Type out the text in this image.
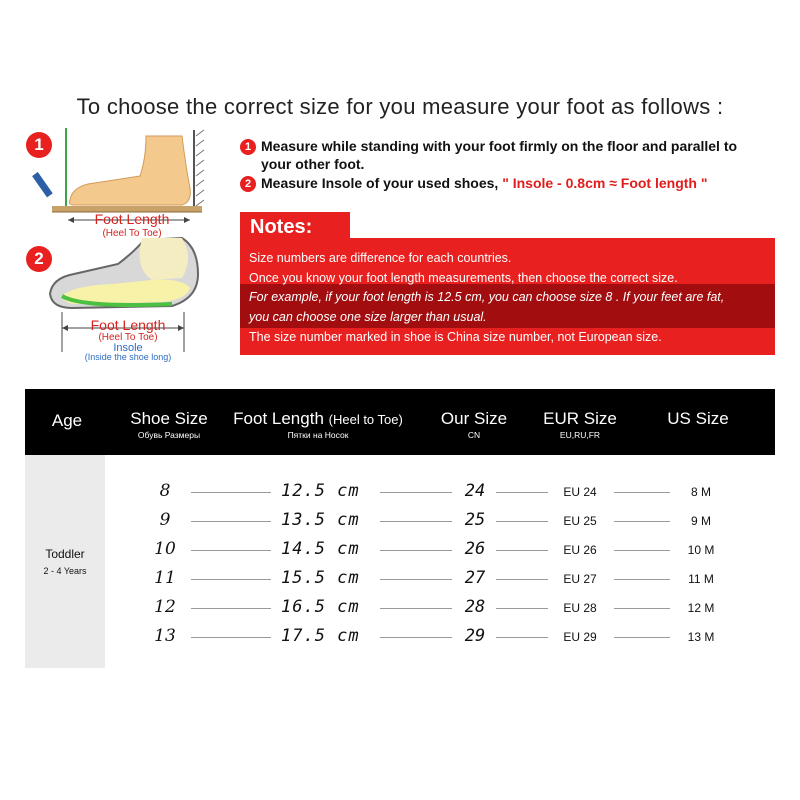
To choose the correct size for you measure your foot as follows :
1
Foot Length
(Heel To Toe)
2
Foot Length
(Heel To Toe)
Insole
(Inside the shoe long)
1 Measure while standing with your foot firmly on the floor and parallel to
your other foot.
2 Measure Insole of your used shoes, " Insole - 0.8cm ≈ Foot length "
Notes:
Size numbers are difference for each countries.
Once you know your foot length measurements, then choose the correct size.
For example, if your foot length is 12.5 cm, you can choose size 8 . If your feet are fat,
you can choose one size larger than usual.
The size number marked in shoe is China size number, not European size.
Age	Shoe Size
Обувь Размеры
Foot Length (Heel to Toe)
Пятки на Носок
Our Size
CN
EUR Size
EU,RU,FR
US Size
Toddler
2 - 4 Years
8	12.5 cm	24	EU 24	8 M
9	13.5 cm	25	EU 25	9 M
10	14.5 cm	26	EU 26	10 M
11	15.5 cm	27	EU 27	11 M
12	16.5 cm	28	EU 28	12 M
13	17.5 cm	29	EU 29	13 M
